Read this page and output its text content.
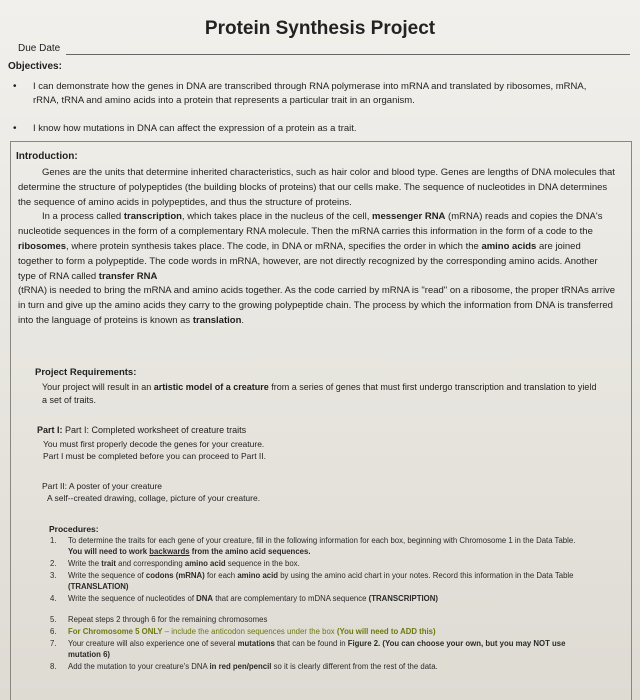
Protein Synthesis Project
Due Date
Objectives:
• I can demonstrate how the genes in DNA are transcribed through RNA polymerase into mRNA and translated by ribosomes, mRNA, rRNA, tRNA and amino acids into a protein that represents a particular trait in an organism.
• I know how mutations in DNA can affect the expression of a protein as a trait.
Introduction:

Genes are the units that determine inherited characteristics, such as hair color and blood type. Genes are lengths of DNA molecules that determine the structure of polypeptides (the building blocks of proteins) that our cells make. The sequence of nucleotides in DNA determines the sequence of amino acids in polypeptides, and thus the structure of proteins.

In a process called transcription, which takes place in the nucleus of the cell, messenger RNA (mRNA) reads and copies the DNA's nucleotide sequences in the form of a complementary RNA molecule. Then the mRNA carries this information in the form of a code to the ribosomes, where protein synthesis takes place. The code, in DNA or mRNA, specifies the order in which the amino acids are joined together to form a polypeptide. The code words in mRNA, however, are not directly recognized by the corresponding amino acids. Another type of RNA called transfer RNA
(tRNA) is needed to bring the mRNA and amino acids together. As the code carried by mRNA is "read" on a ribosome, the proper tRNAs arrive in turn and give up the amino acids they carry to the growing polypeptide chain. The process by which the information from DNA is transferred into the language of proteins is known as translation.

Project Requirements:
Your project will result in an artistic model of a creature from a series of genes that must first undergo transcription and translation to yield a set of traits.
Part I: Part I: Completed worksheet of creature traits
You must first properly decode the genes for your creature.
Part I must be completed before you can proceed to Part II.
Part II: A poster of your creature
A self--created drawing, collage, picture of your creature.
Procedures:
1. To determine the traits for each gene of your creature, fill in the following information for each box, beginning with Chromosome 1 in the Data Table. You will need to work backwards from the amino acid sequences.
2. Write the trait and corresponding amino acid sequence in the box.
3. Write the sequence of codons (mRNA) for each amino acid by using the amino acid chart in your notes. Record this information in the Data Table (TRANSLATION)
4. Write the sequence of nucleotides of DNA that are complementary to mDNA sequence (TRANSCRIPTION)
5. Repeat steps 2 through 6 for the remaining chromosomes
6. For Chromosome 5 ONLY – include the anticodon sequences under the box (You will need to ADD this)
7. Your creature will also experience one of several mutations that can be found in Figure 2. (You can choose your own, but you may NOT use mutation 6)
8. Add the mutation to your creature's DNA in red pen/pencil so it is clearly different from the rest of the data.
